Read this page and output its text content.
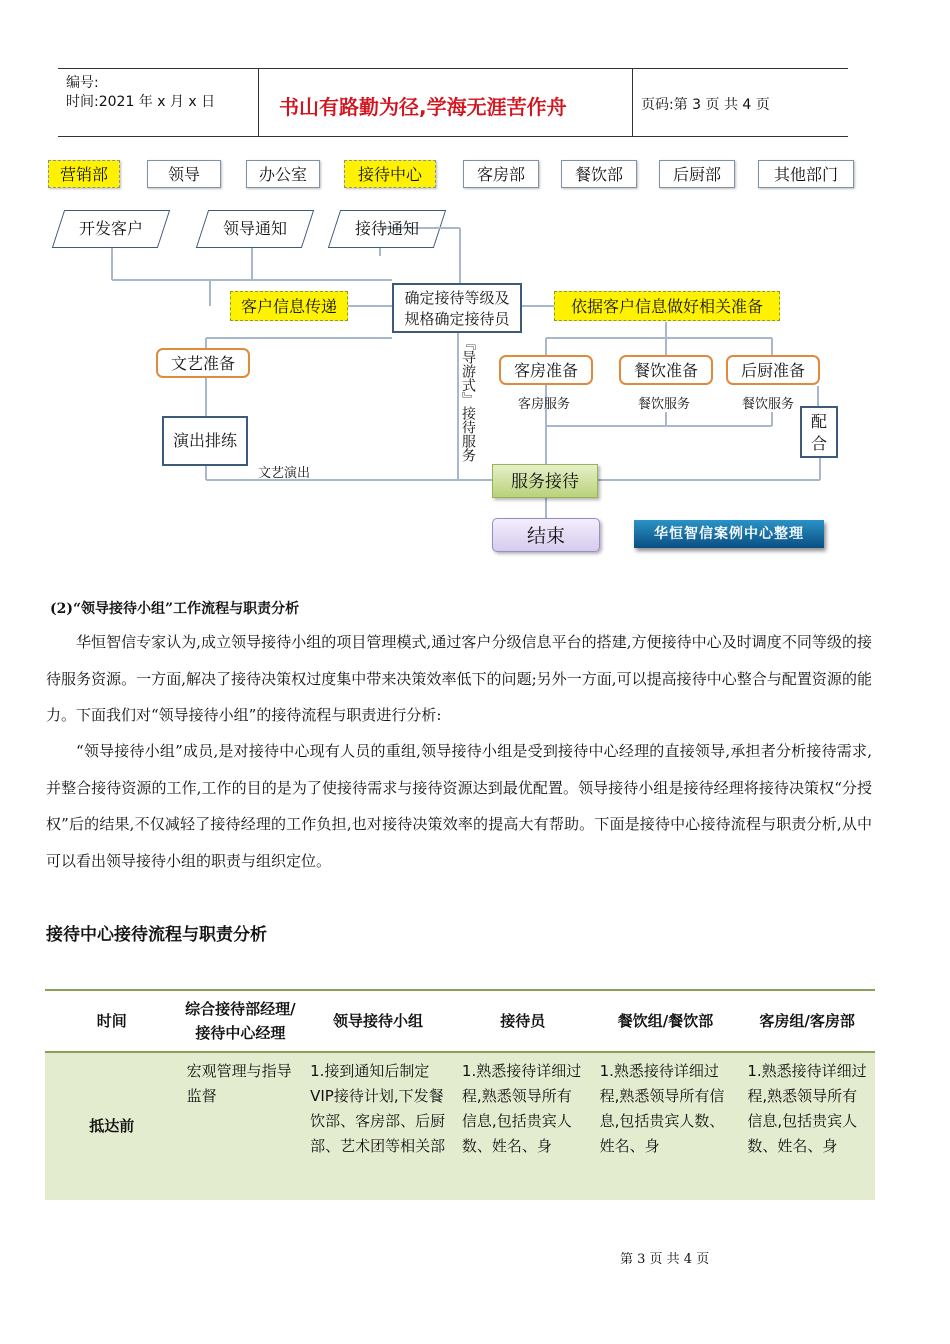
编号:
时间:2021 年 x 月 x 日	书山有路勤为径,学海无涯苦作舟	页码:第 3 页 共 4 页
营销部	领导	办公室	接待中心	客房部	餐饮部	后厨部	其他部门
开发客户	领导通知	接待通知
客户信息传递	确定接待等级及
规格确定接待员
依据客户信息做好相关准备
文艺准备
演出排练
文艺演出
『导游式』接待服务	客房准备	餐饮准备	后厨准备
客房服务	餐饮服务	餐饮服务
配合
服务接待
结束	华恒智信案例中心整理
(2)“领导接待小组”工作流程与职责分析
华恒智信专家认为,成立领导接待小组的项目管理模式,通过客户分级信息平台的搭建,方便接待中心及时调度不同等级的接待服务资源。一方面,解决了接待决策权过度集中带来决策效率低下的问题;另外一方面,可以提高接待中心整合与配置资源的能力。下面我们对“领导接待小组”的接待流程与职责进行分析:
“领导接待小组”成员,是对接待中心现有人员的重组,领导接待小组是受到接待中心经理的直接领导,承担者分析接待需求,并整合接待资源的工作,工作的目的是为了使接待需求与接待资源达到最优配置。领导接待小组是接待经理将接待决策权“分授权”后的结果,不仅减轻了接待经理的工作负担,也对接待决策效率的提高大有帮助。下面是接待中心接待流程与职责分析,从中可以看出领导接待小组的职责与组织定位。
接待中心接待流程与职责分析
时间	综合接待部经理/接待中心经理	领导接待小组	接待员	餐饮组/餐饮部	客房组/客房部
抵达前	宏观管理与指导监督	1.接到通知后制定VIP接待计划,下发餐饮部、客房部、后厨部、艺术团等相关部	1.熟悉接待详细过程,熟悉领导所有信息,包括贵宾人数、姓名、身	1.熟悉接待详细过程,熟悉领导所有信息,包括贵宾人数、姓名、身	1.熟悉接待详细过程,熟悉领导所有信息,包括贵宾人数、姓名、身
第 3 页 共 4 页
